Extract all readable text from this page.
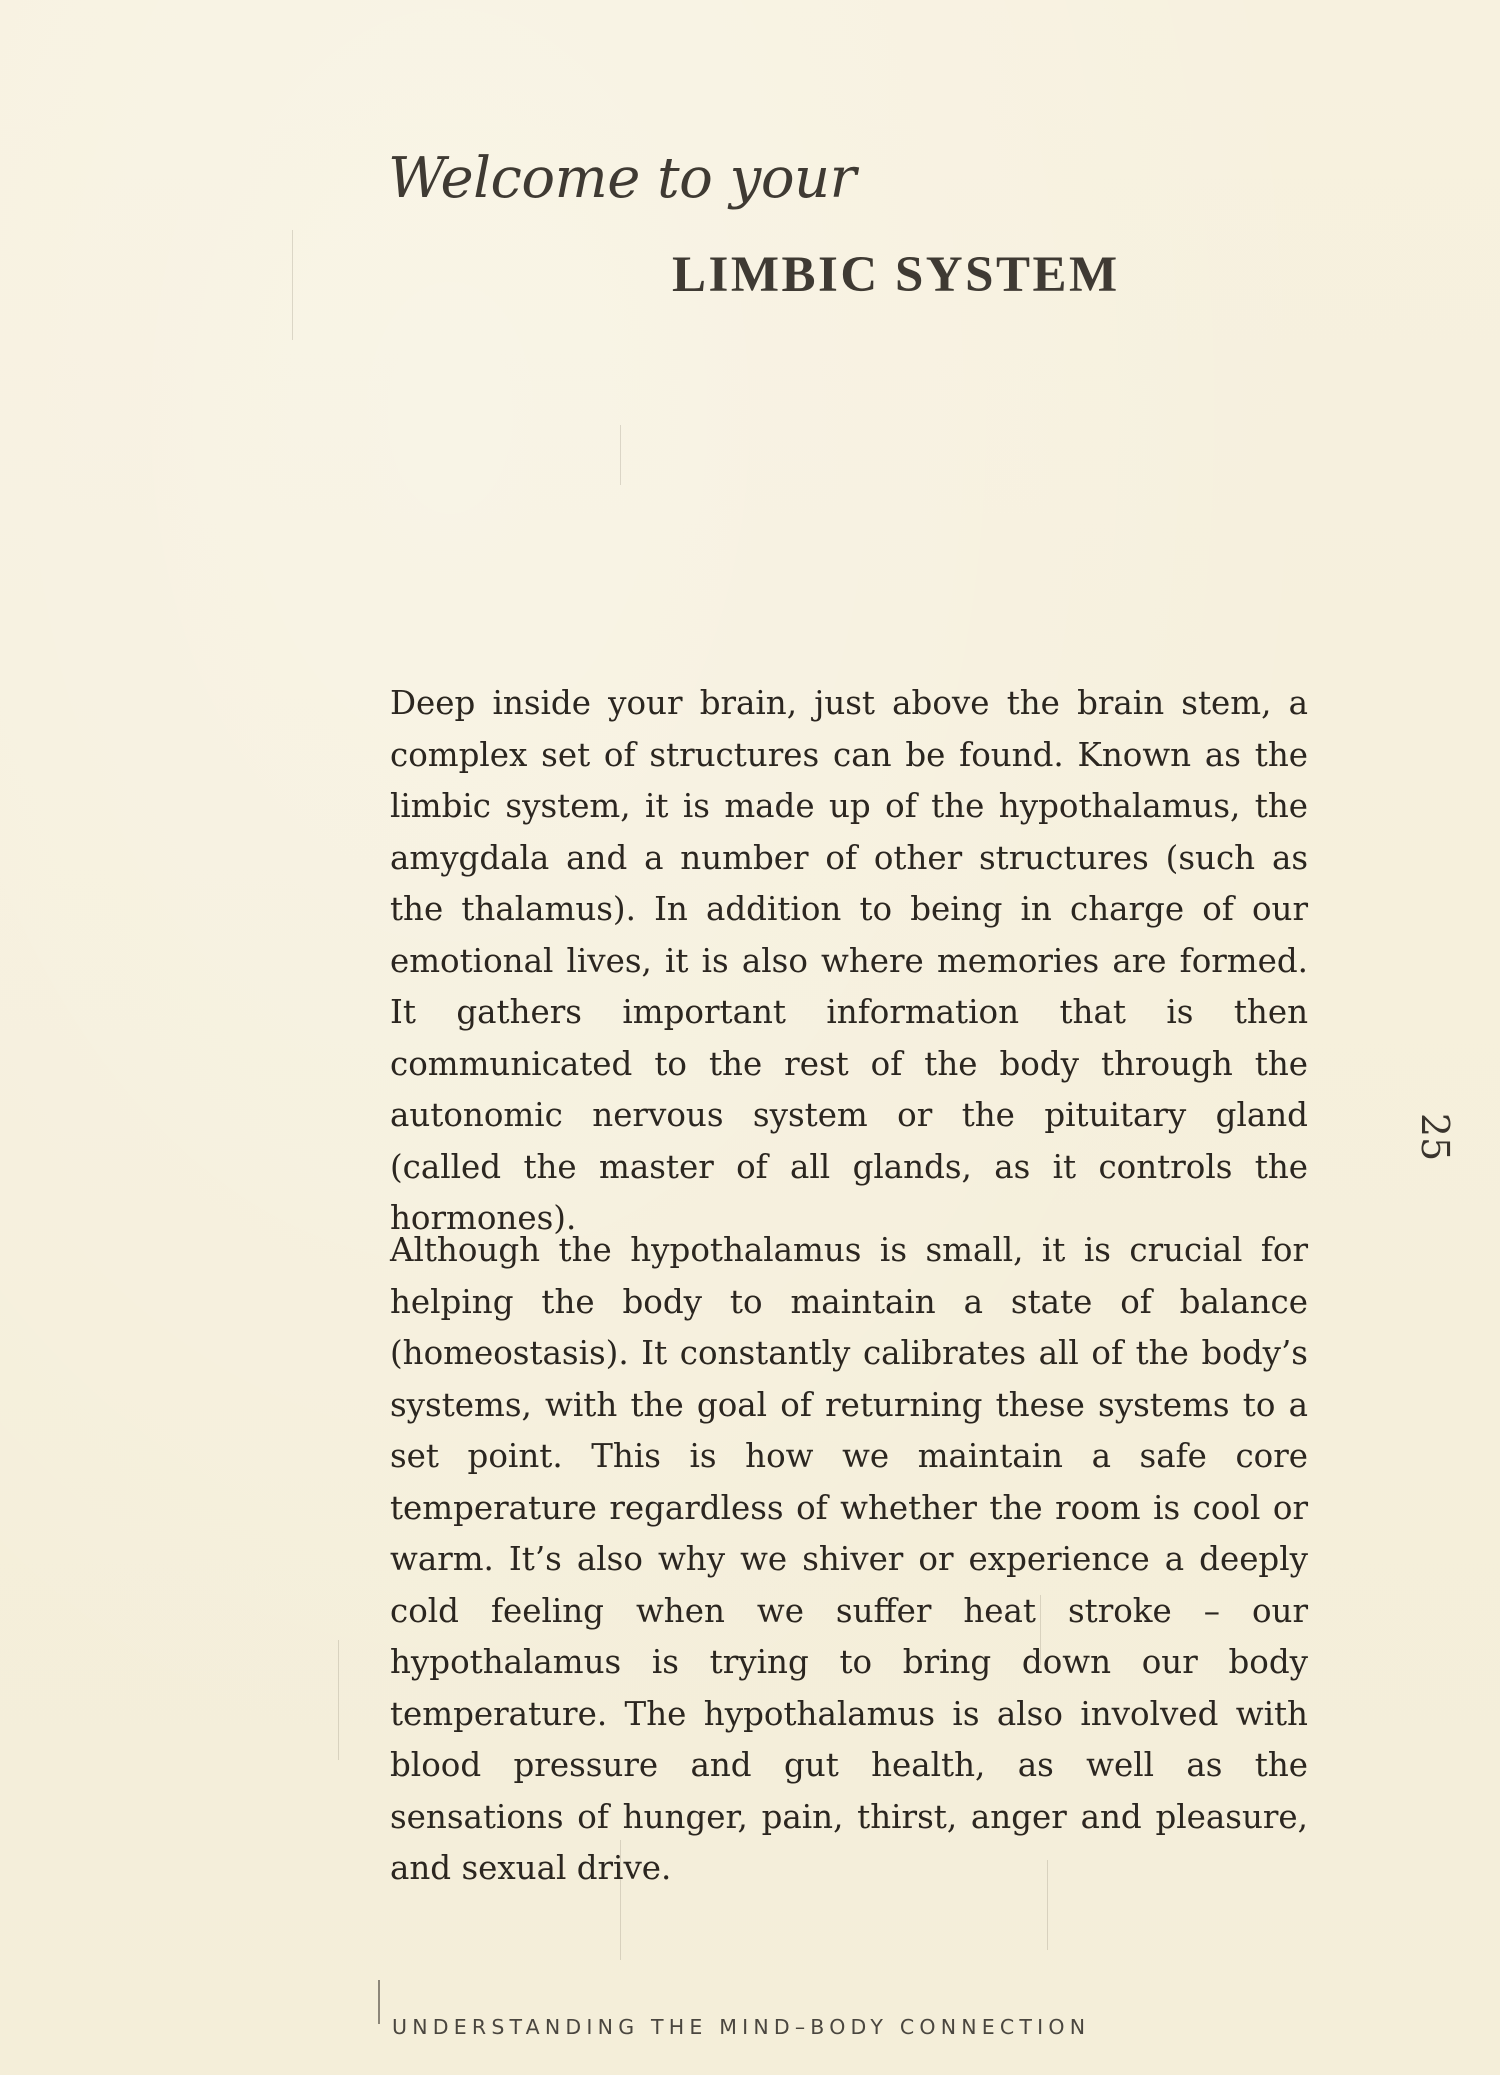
Welcome to your
LIMBIC SYSTEM

Deep inside your brain, just above the brain stem, a complex set of structures can be found. Known as the limbic system, it is made up of the hypothalamus, the amygdala and a number of other structures (such as the thalamus). In addition to being in charge of our emotional lives, it is also where memories are formed. It gathers important information that is then communicated to the rest of the body through the autonomic nervous system or the pituitary gland (called the master of all glands, as it controls the hormones).

Although the hypothalamus is small, it is crucial for helping the body to maintain a state of balance (homeostasis). It constantly calibrates all of the body’s systems, with the goal of returning these systems to a set point. This is how we maintain a safe core temperature regardless of whether the room is cool or warm. It’s also why we shiver or experience a deeply cold feeling when we suffer heat stroke – our hypothalamus is trying to bring down our body temperature. The hypothalamus is also involved with blood pressure and gut health, as well as the sensations of hunger, pain, thirst, anger and pleasure, and sexual drive.

25
UNDERSTANDING THE MIND–BODY CONNECTION
